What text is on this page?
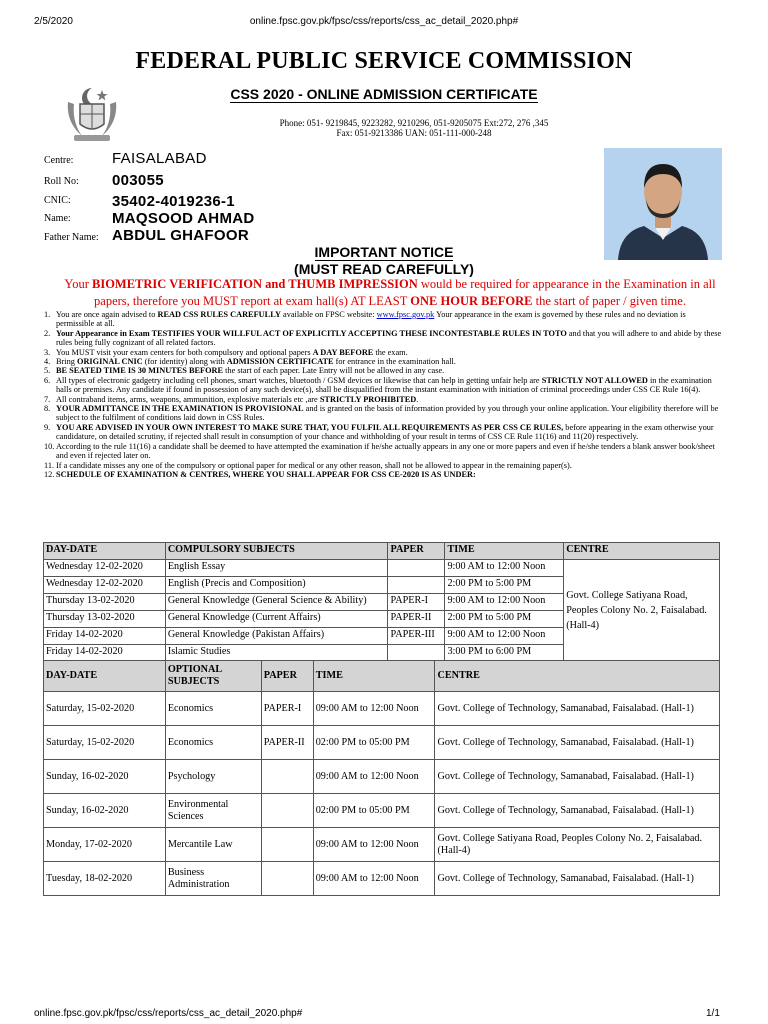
2/5/2020	online.fpsc.gov.pk/fpsc/css/reports/css_ac_detail_2020.php#
FEDERAL PUBLIC SERVICE COMMISSION
CSS 2020 - ONLINE ADMISSION CERTIFICATE
Phone: 051- 9219845, 9223282, 9210296, 051-9205075 Ext:272, 276 ,345
Fax: 051-9213386 UAN: 051-111-000-248
Centre:	FAISALABAD
Roll No: 003055
CNIC:	35402-4019236-1
Name:	MAQSOOD AHMAD
Father Name: ABDUL GHAFOOR
IMPORTANT NOTICE
(MUST READ CAREFULLY)
Your BIOMETRIC VERIFICATION and THUMB IMPRESSION would be required for appearance in the Examination in all papers, therefore you MUST report at exam hall(s) AT LEAST ONE HOUR BEFORE the start of paper / given time.
1. You are once again advised to READ CSS RULES CAREFULLY available on FPSC website: www.fpsc.gov.pk Your appearance in the exam is governed by these rules and no deviation is permissible at all.
2. Your Appearance in Exam TESTIFIES YOUR WILLFUL ACT OF EXPLICITLY ACCEPTING THESE INCONTESTABLE RULES IN TOTO and that you will adhere to and abide by these rules being fully cognizant of all related factors.
3. You MUST visit your exam centers for both compulsory and optional papers A DAY BEFORE the exam.
4. Bring ORIGINAL CNIC (for identity) along with ADMISSION CERTIFICATE for entrance in the examination hall.
5. BE SEATED TIME IS 30 MINUTES BEFORE the start of each paper. Late Entry will not be allowed in any case.
6. All types of electronic gadgetry including cell phones, smart watches, bluetooth / GSM devices or likewise that can help in getting unfair help are STRICTLY NOT ALLOWED in the examination halls or premises. Any candidate if found in possession of any such device(s), shall be disqualified from the instant examination with initiation of criminal proceedings under CSS CE Rule 16(4).
7. All contraband items, arms, weapons, ammunition, explosive materials etc ,are STRICTLY PROHIBITED.
8. YOUR ADMITTANCE IN THE EXAMINATION IS PROVISIONAL and is granted on the basis of information provided by you through your online application. Your eligibility therefore will be subject to the fulfilment of conditions laid down in CSS Rules.
9. YOU ARE ADVISED IN YOUR OWN INTEREST TO MAKE SURE THAT, YOU FULFIL ALL REQUIREMENTS AS PER CSS CE RULES, before appearing in the exam otherwise your candidature, on detailed scrutiny, if rejected shall result in consumption of your chance and withholding of your result in terms of CSS CE Rule 11(16) and 11(20) respectively.
10. According to the rule 11(16) a candidate shall be deemed to have attempted the examination if he/she actually appears in any one or more papers and even if he/she tenders a blank answer book/sheet and even if rejected later on.
11. If a candidate misses any one of the compulsory or optional paper for medical or any other reason, shall not be allowed to appear in the remaining paper(s).
12. SCHEDULE OF EXAMINATION & CENTRES, WHERE YOU SHALL APPEAR FOR CSS CE-2020 IS AS UNDER:
DAY-DATE	COMPULSORY SUBJECTS	PAPER	TIME	CENTRE
Wednesday 12-02-2020	English Essay		9:00 AM to 12:00 Noon	Govt. College Satiyana Road, Peoples Colony No. 2, Faisalabad. (Hall-4)
Wednesday 12-02-2020	English (Precis and Composition)		2:00 PM to 5:00 PM	
Thursday 13-02-2020	General Knowledge (General Science & Ability)	PAPER-I	9:00 AM to 12:00 Noon	
Thursday 13-02-2020	General Knowledge (Current Affairs)	PAPER-II	2:00 PM to 5:00 PM	
Friday 14-02-2020	General Knowledge (Pakistan Affairs)	PAPER-III	9:00 AM to 12:00 Noon	
Friday 14-02-2020	Islamic Studies		3:00 PM to 6:00 PM	
DAY-DATE	OPTIONAL SUBJECTS	PAPER	TIME	CENTRE
Saturday, 15-02-2020	Economics	PAPER-I	09:00 AM to 12:00 Noon	Govt. College of Technology, Samanabad, Faisalabad. (Hall-1)
Saturday, 15-02-2020	Economics	PAPER-II	02:00 PM to 05:00 PM	Govt. College of Technology, Samanabad, Faisalabad. (Hall-1)
Sunday, 16-02-2020	Psychology		09:00 AM to 12:00 Noon	Govt. College of Technology, Samanabad, Faisalabad. (Hall-1)
Sunday, 16-02-2020	Environmental Sciences		02:00 PM to 05:00 PM	Govt. College of Technology, Samanabad, Faisalabad. (Hall-1)
Monday, 17-02-2020	Mercantile Law		09:00 AM to 12:00 Noon	Govt. College Satiyana Road, Peoples Colony No. 2, Faisalabad. (Hall-4)
Tuesday, 18-02-2020	Business Administration		09:00 AM to 12:00 Noon	Govt. College of Technology, Samanabad, Faisalabad. (Hall-1)
online.fpsc.gov.pk/fpsc/css/reports/css_ac_detail_2020.php#	1/1
